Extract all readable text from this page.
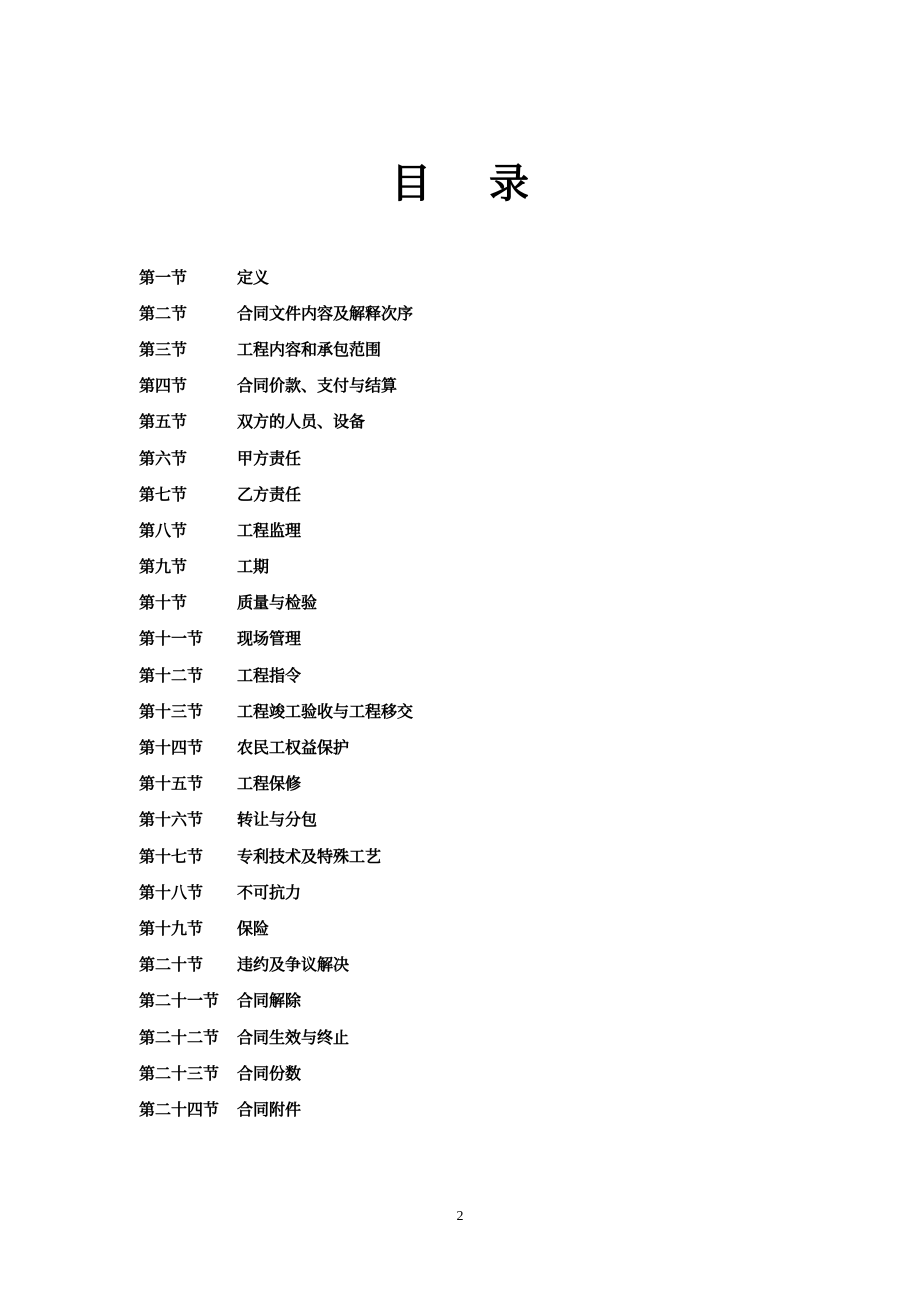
目 录
第一节	定义
第二节	合同文件内容及解释次序
第三节	工程内容和承包范围
第四节	合同价款、支付与结算
第五节	双方的人员、设备
第六节	甲方责任
第七节	乙方责任
第八节	工程监理
第九节	工期
第十节	质量与检验
第十一节	现场管理
第十二节	工程指令
第十三节	工程竣工验收与工程移交
第十四节	农民工权益保护
第十五节	工程保修
第十六节	转让与分包
第十七节	专利技术及特殊工艺
第十八节	不可抗力
第十九节	保险
第二十节	违约及争议解决
第二十一节	合同解除
第二十二节	合同生效与终止
第二十三节	合同份数
第二十四节	合同附件
2
